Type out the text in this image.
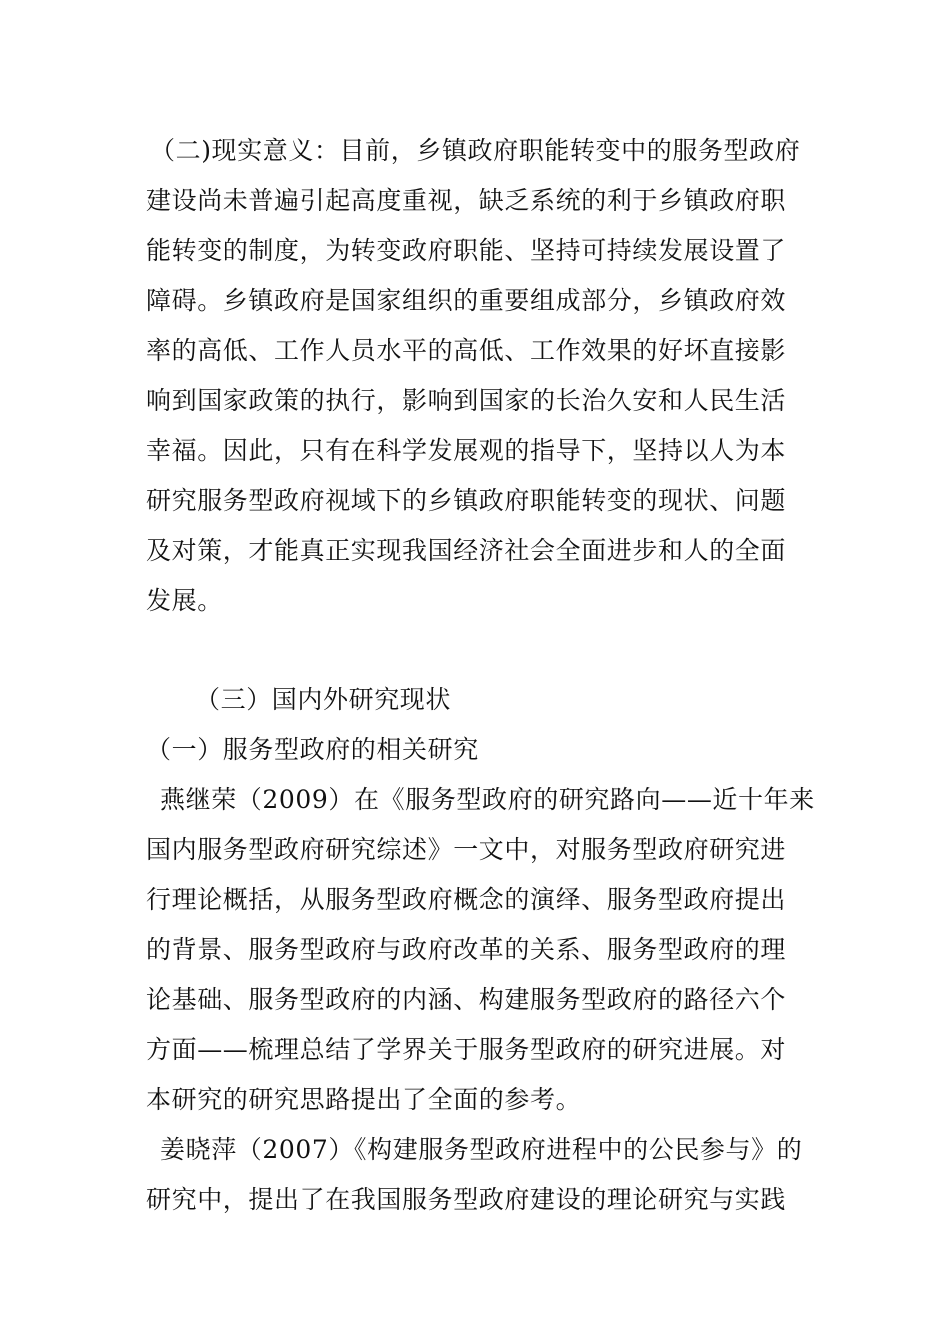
（二)现实意义：目前，乡镇政府职能转变中的服务型政府
建设尚未普遍引起高度重视，缺乏系统的利于乡镇政府职
能转变的制度，为转变政府职能、坚持可持续发展设置了
障碍。乡镇政府是国家组织的重要组成部分，乡镇政府效
率的高低、工作人员水平的高低、工作效果的好坏直接影
响到国家政策的执行，影响到国家的长治久安和人民生活
幸福。因此，只有在科学发展观的指导下，坚持以人为本
研究服务型政府视域下的乡镇政府职能转变的现状、问题
及对策，才能真正实现我国经济社会全面进步和人的全面
发展。
（三）国内外研究现状
（一）服务型政府的相关研究
燕继荣（2009）在《服务型政府的研究路向——近十年来
国内服务型政府研究综述》一文中，对服务型政府研究进
行理论概括，从服务型政府概念的演绎、服务型政府提出
的背景、服务型政府与政府改革的关系、服务型政府的理
论基础、服务型政府的内涵、构建服务型政府的路径六个
方面——梳理总结了学界关于服务型政府的研究进展。对
本研究的研究思路提出了全面的参考。
姜晓萍（2007）《构建服务型政府进程中的公民参与》的
研究中，提出了在我国服务型政府建设的理论研究与实践
